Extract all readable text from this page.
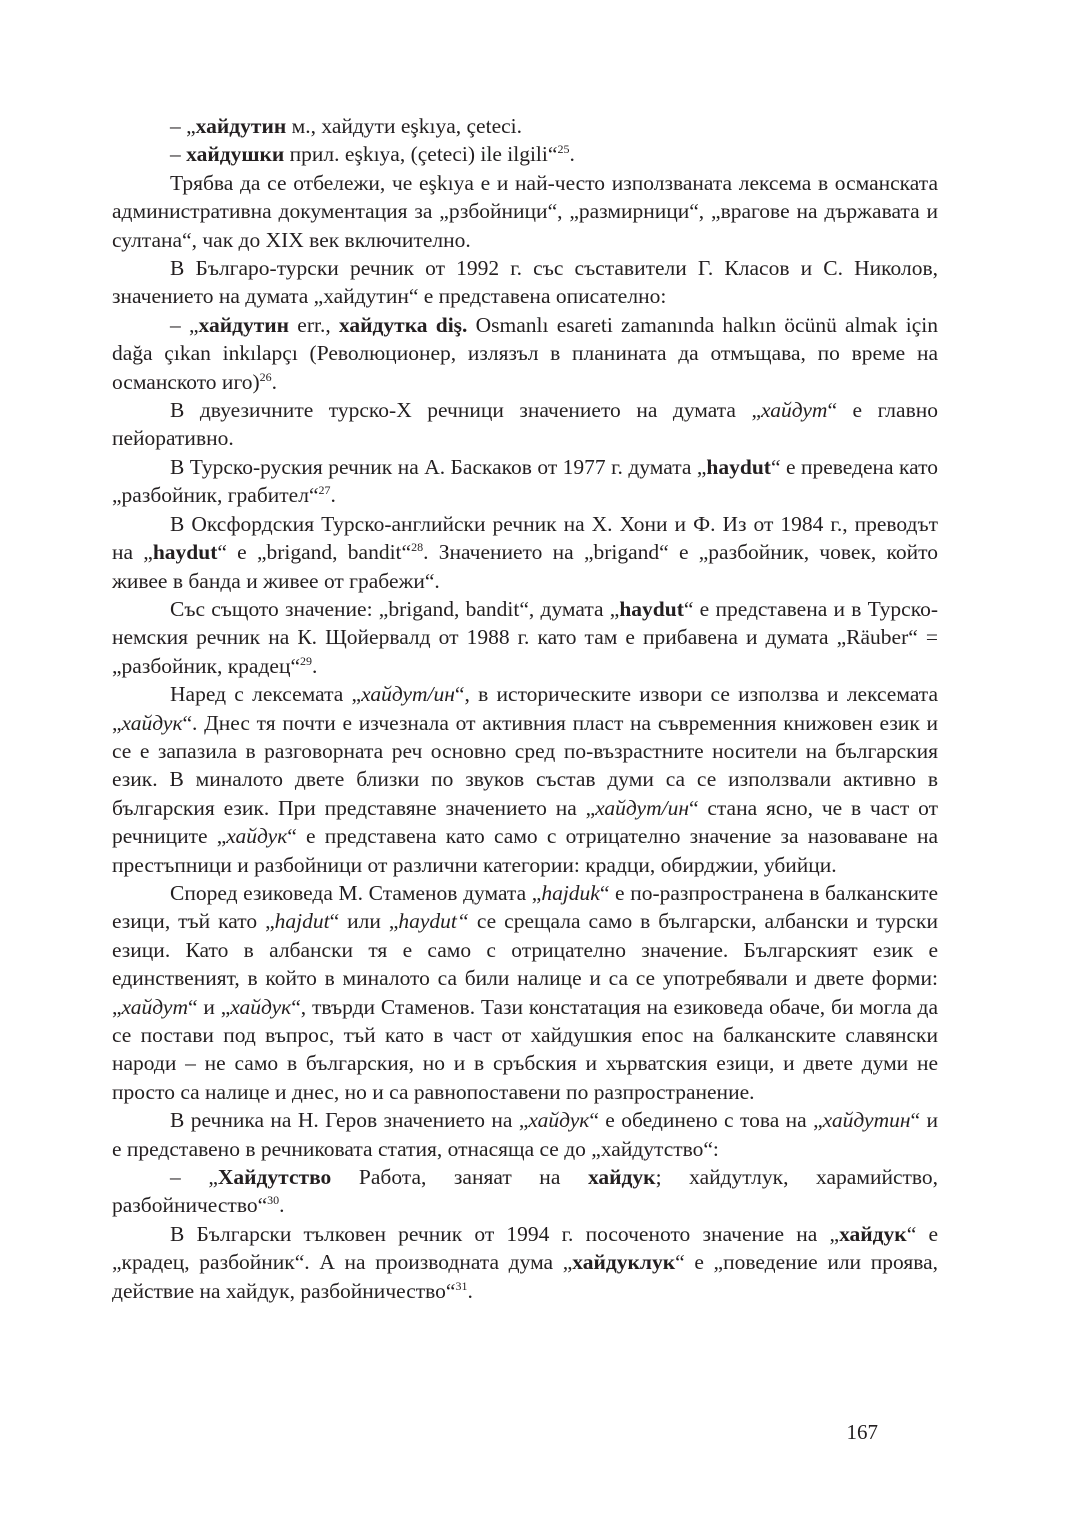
– „хайдутин м., хайдути eşkıya, çeteci.

– хайдушки прил. eşkıya, (çeteci) ile ilgili“$^{25}$.

Трябва да се отбележи, че eşkıya е и най-често използваната лексема в османската административна документация за „рзбойници“, „размирници“, „врагове на държавата и султана“, чак до XIX век включително.

В Българо-турски речник от 1992 г. със съставители Г. Класов и С. Николов, значението на думата „хайдутин“ е представена описателно:

– „хайдутин err., хайдутка diş. Osmanlı esareti zamanında halkın öcünü almak için dağa çıkan inkılapçı (Революционер, излязъл в планината да отмъщава, по време на османското иго)$^{26}$.

В двуезичните турско-Х речници значението на думата „хайдут“ е главно пейоративно.

В Турско-руския речник на А. Баскаков от 1977 г. думата „haydut“ е преведена като „разбойник, грабител“$^{27}$.

В Оксфордския Турско-английски речник на Х. Хони и Ф. Из от 1984 г., преводът на „haydut“ е „brigand, bandit“$^{28}$. Значението на „brigand“ е „разбойник, човек, който живее в банда и живее от грабежи“.

Със същото значение: „brigand, bandit“, думата „haydut“ е представена и в Турско-немския речник на К. Щойервалд от 1988 г. като там е прибавена и думата „Räuber“ = „разбойник, крадец“$^{29}$.

Наред с лексемата „хайдут/ин“, в историческите извори се използва и лексемата „хайдук“. Днес тя почти е изчезнала от активния пласт на съвременния книжовен език и се е запазила в разговорната реч основно сред по-възрастните носители на българския език. В миналото двете близки по звуков състав думи са се използвали активно в българския език. При представяне значението на „хайдут/ин“ стана ясно, че в част от речниците „хайдук“ е представена като само с отрицателно значение за назоваване на престъпници и разбойници от различни категории: крадци, обирджии, убийци.

Според езиковеда М. Стаменов думата „hajduk“ е по-разпространена в балканските езици, тъй като „hajdut“ или „haydut“ се срещала само в български, албански и турски езици. Като в албански тя е само с отрицателно значение. Българският език е единственият, в който в миналото са били налице и са се употребявали и двете форми: „хайдут“ и „хайдук“, твърди Стаменов. Тази констатация на езиковеда обаче, би могла да се постави под въпрос, тъй като в част от хайдушкия епос на балканските славянски народи – не само в българския, но и в сръбския и хърватския езици, и двете думи не просто са налице и днес, но и са равнопоставени по разпространение.

В речника на Н. Геров значението на „хайдук“ е обединено с това на „хайдутин“ и е представено в речниковата статия, отнасяща се до „хайдутство“:

– „Хайдутство Работа, заняат на хайдук; хайдутлук, харамийство, разбойничество“$^{30}$.

В Български тълковен речник от 1994 г. посоченото значение на „хайдук“ е „крадец, разбойник“. А на производната дума „хайдуклук“ е „поведение или проява, действие на хайдук, разбойничество“$^{31}$.

167
